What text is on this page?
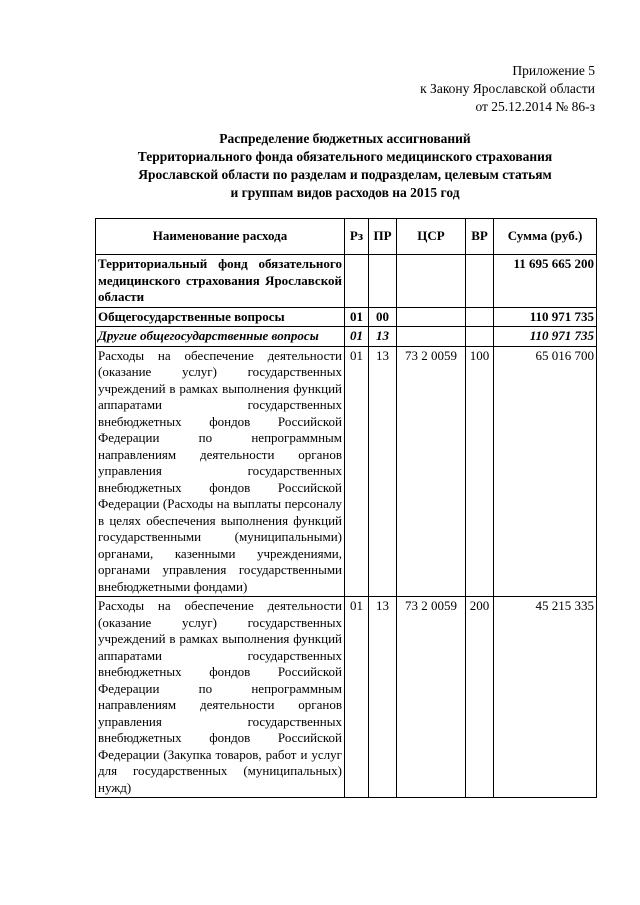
Приложение 5
к Закону Ярославской области
от 25.12.2014 № 86-з
Распределение бюджетных ассигнований
Территориального фонда обязательного медицинского страхования
Ярославской области по разделам и подразделам, целевым статьям
и группам видов расходов на 2015 год
Наименование расхода	Рз	ПР	ЦСР	ВР	Сумма (руб.)
Территориальный фонд обязательного медицинского страхования Ярославской области					11 695 665 200
Общегосударственные вопросы	01	00			110 971 735
Другие общегосударственные вопросы	01	13			110 971 735
Расходы на обеспечение деятельности (оказание услуг) государственных учреждений в рамках выполнения функций аппаратами государственных внебюджетных фондов Российской Федерации по непрограммным направлениям деятельности органов управления государственных внебюджетных фондов Российской Федерации (Расходы на выплаты персоналу в целях обеспечения выполнения функций государственными (муниципальными) органами, казенными учреждениями, органами управления государственными внебюджетными фондами)	01	13	73 2 0059	100	65 016 700
Расходы на обеспечение деятельности (оказание услуг) государственных учреждений в рамках выполнения функций аппаратами государственных внебюджетных фондов Российской Федерации по непрограммным направлениям деятельности органов управления государственных внебюджетных фондов Российской Федерации (Закупка товаров, работ и услуг для государственных (муниципальных) нужд)	01	13	73 2 0059	200	45 215 335
